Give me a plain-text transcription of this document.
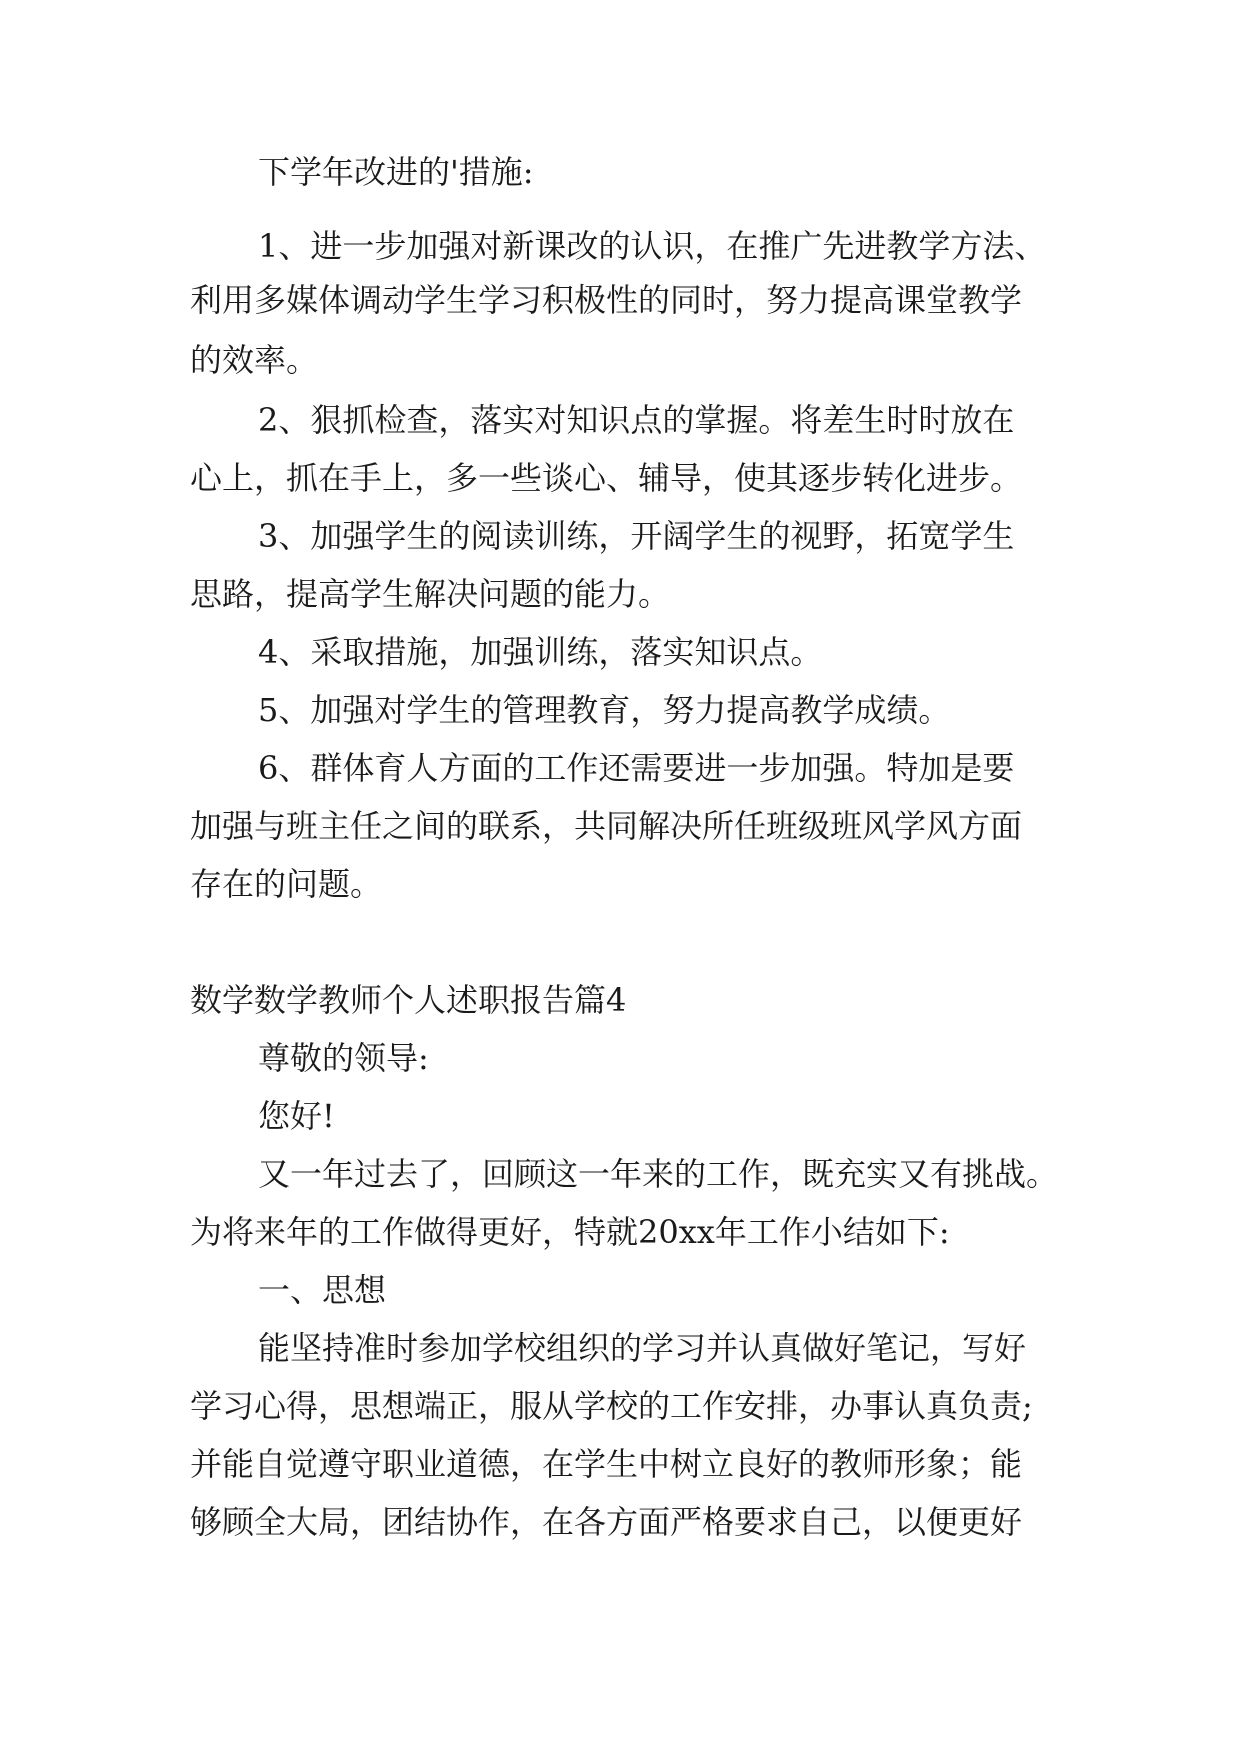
下学年改进的'措施:
1、进一步加强对新课改的认识，在推广先进教学方法、
利用多媒体调动学生学习积极性的同时，努力提高课堂教学
的效率。
2、狠抓检查，落实对知识点的掌握。将差生时时放在
心上，抓在手上，多一些谈心、辅导，使其逐步转化进步。
3、加强学生的阅读训练，开阔学生的视野，拓宽学生
思路，提高学生解决问题的能力。
4、采取措施，加强训练，落实知识点。
5、加强对学生的管理教育，努力提高教学成绩。
6、群体育人方面的工作还需要进一步加强。特加是要
加强与班主任之间的联系，共同解决所任班级班风学风方面
存在的问题。
数学数学教师个人述职报告篇4
尊敬的领导:
您好!
又一年过去了，回顾这一年来的工作，既充实又有挑战。
为将来年的工作做得更好，特就20xx年工作小结如下:
一、思想
能坚持准时参加学校组织的学习并认真做好笔记，写好
学习心得，思想端正，服从学校的工作安排，办事认真负责;
并能自觉遵守职业道德，在学生中树立良好的教师形象；能
够顾全大局，团结协作，在各方面严格要求自己，以便更好
